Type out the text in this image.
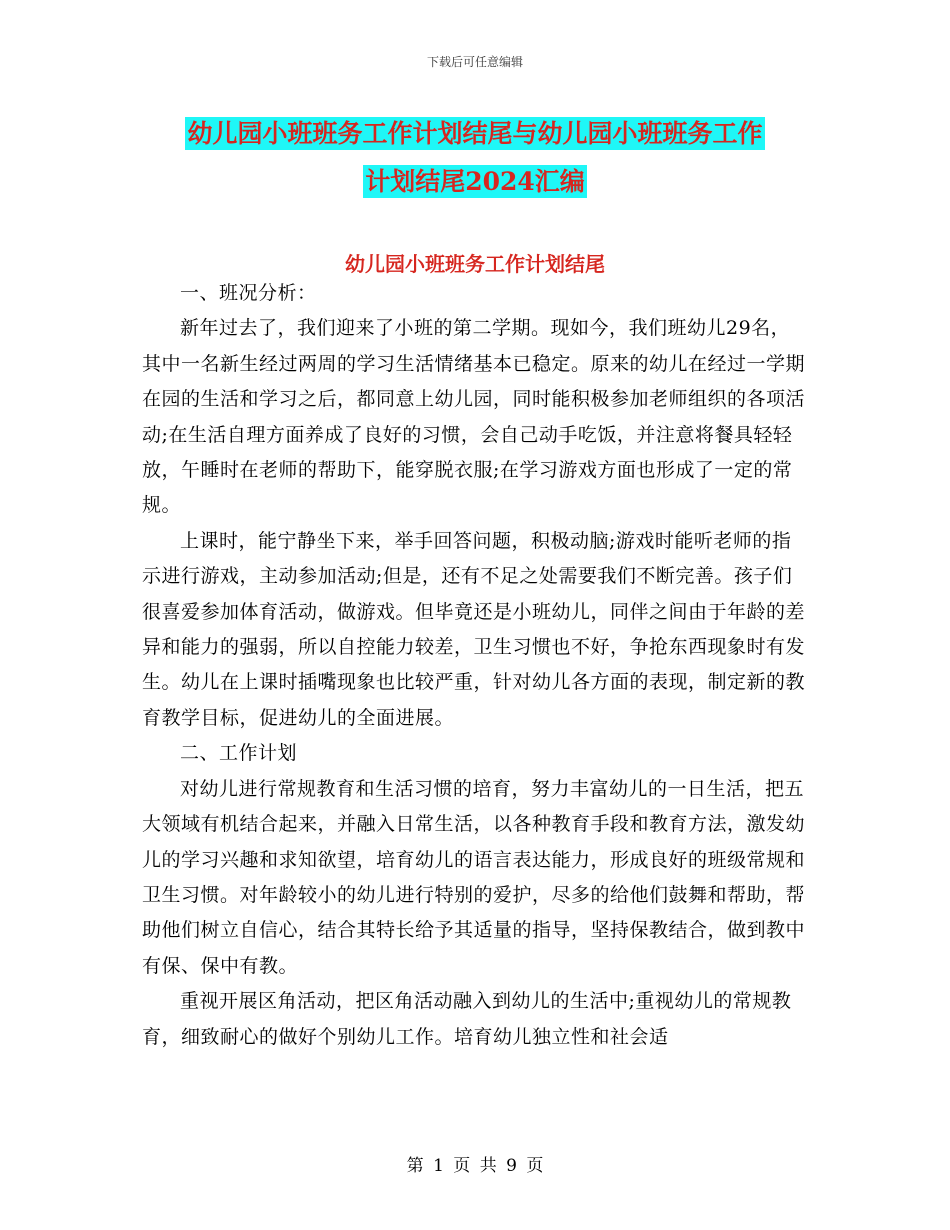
下载后可任意编辑
幼儿园小班班务工作计划结尾与幼儿园小班班务工作
计划结尾2024汇编
幼儿园小班班务工作计划结尾

一、班况分析：

新年过去了，我们迎来了小班的第二学期。现如今，我们班幼儿29名，其中一名新生经过两周的学习生活情绪基本已稳定。原来的幼儿在经过一学期在园的生活和学习之后，都同意上幼儿园，同时能积极参加老师组织的各项活动;在生活自理方面养成了良好的习惯，会自己动手吃饭，并注意将餐具轻轻放，午睡时在老师的帮助下，能穿脱衣服;在学习游戏方面也形成了一定的常规。

上课时，能宁静坐下来，举手回答问题，积极动脑;游戏时能听老师的指示进行游戏，主动参加活动;但是，还有不足之处需要我们不断完善。孩子们很喜爱参加体育活动，做游戏。但毕竟还是小班幼儿，同伴之间由于年龄的差异和能力的强弱，所以自控能力较差，卫生习惯也不好，争抢东西现象时有发生。幼儿在上课时插嘴现象也比较严重，针对幼儿各方面的表现，制定新的教育教学目标，促进幼儿的全面进展。

二、工作计划

对幼儿进行常规教育和生活习惯的培育，努力丰富幼儿的一日生活，把五大领域有机结合起来，并融入日常生活，以各种教育手段和教育方法，激发幼儿的学习兴趣和求知欲望，培育幼儿的语言表达能力，形成良好的班级常规和卫生习惯。对年龄较小的幼儿进行特别的爱护，尽多的给他们鼓舞和帮助，帮助他们树立自信心，结合其特长给予其适量的指导，坚持保教结合，做到教中有保、保中有教。

重视开展区角活动，把区角活动融入到幼儿的生活中;重视幼儿的常规教育，细致耐心的做好个别幼儿工作。培育幼儿独立性和社会适

第 1 页 共 9 页
